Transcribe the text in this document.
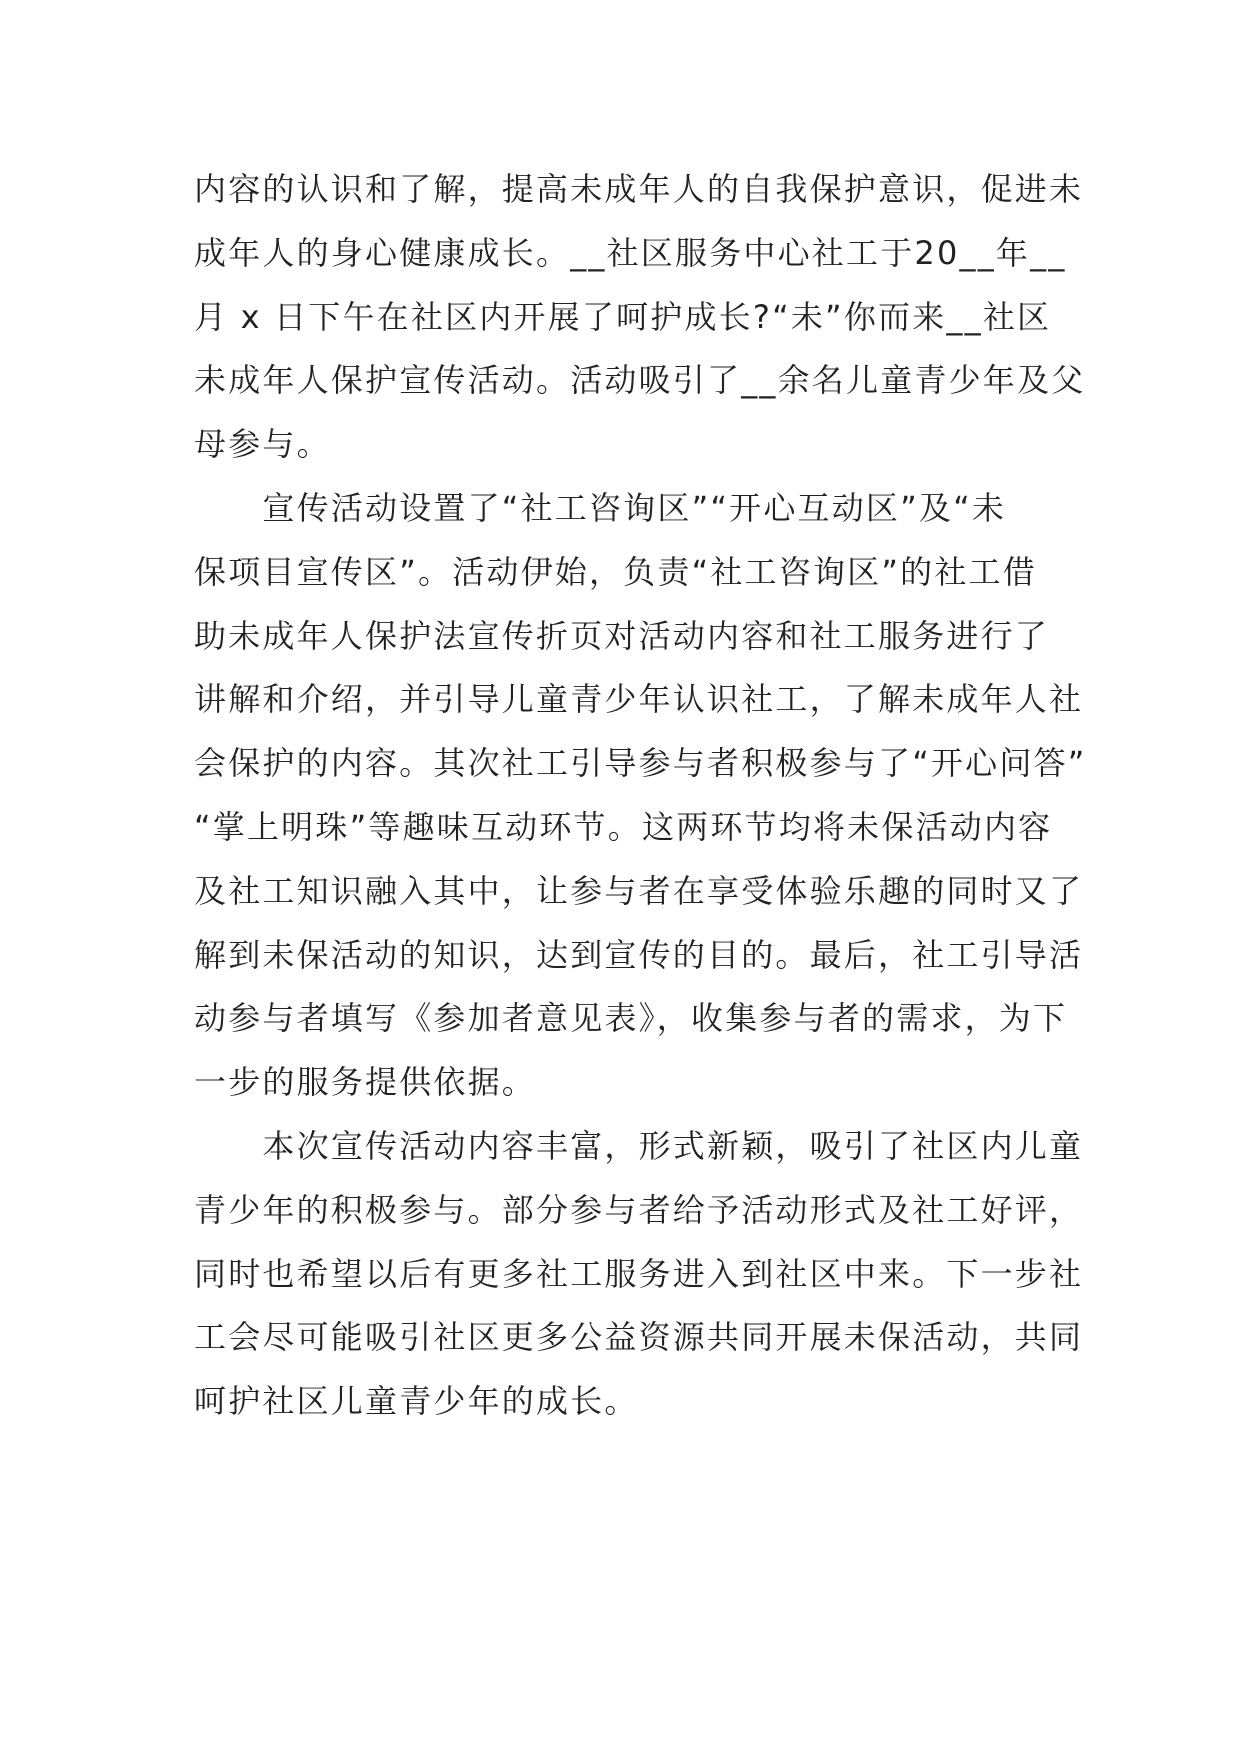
内容的认识和了解，提高未成年人的自我保护意识，促进未
成年人的身心健康成长。__社区服务中心社工于20__年__
月 x 日下午在社区内开展了呵护成长?“未”你而来__社区
未成年人保护宣传活动。活动吸引了__余名儿童青少年及父
母参与。
　　宣传活动设置了“社工咨询区”“开心互动区”及“未
保项目宣传区”。活动伊始，负责“社工咨询区”的社工借
助未成年人保护法宣传折页对活动内容和社工服务进行了
讲解和介绍，并引导儿童青少年认识社工，了解未成年人社
会保护的内容。其次社工引导参与者积极参与了“开心问答”
“掌上明珠”等趣味互动环节。这两环节均将未保活动内容
及社工知识融入其中，让参与者在享受体验乐趣的同时又了
解到未保活动的知识，达到宣传的目的。最后，社工引导活
动参与者填写《参加者意见表》，收集参与者的需求，为下
一步的服务提供依据。
　　本次宣传活动内容丰富，形式新颖，吸引了社区内儿童
青少年的积极参与。部分参与者给予活动形式及社工好评，
同时也希望以后有更多社工服务进入到社区中来。下一步社
工会尽可能吸引社区更多公益资源共同开展未保活动，共同
呵护社区儿童青少年的成长。
